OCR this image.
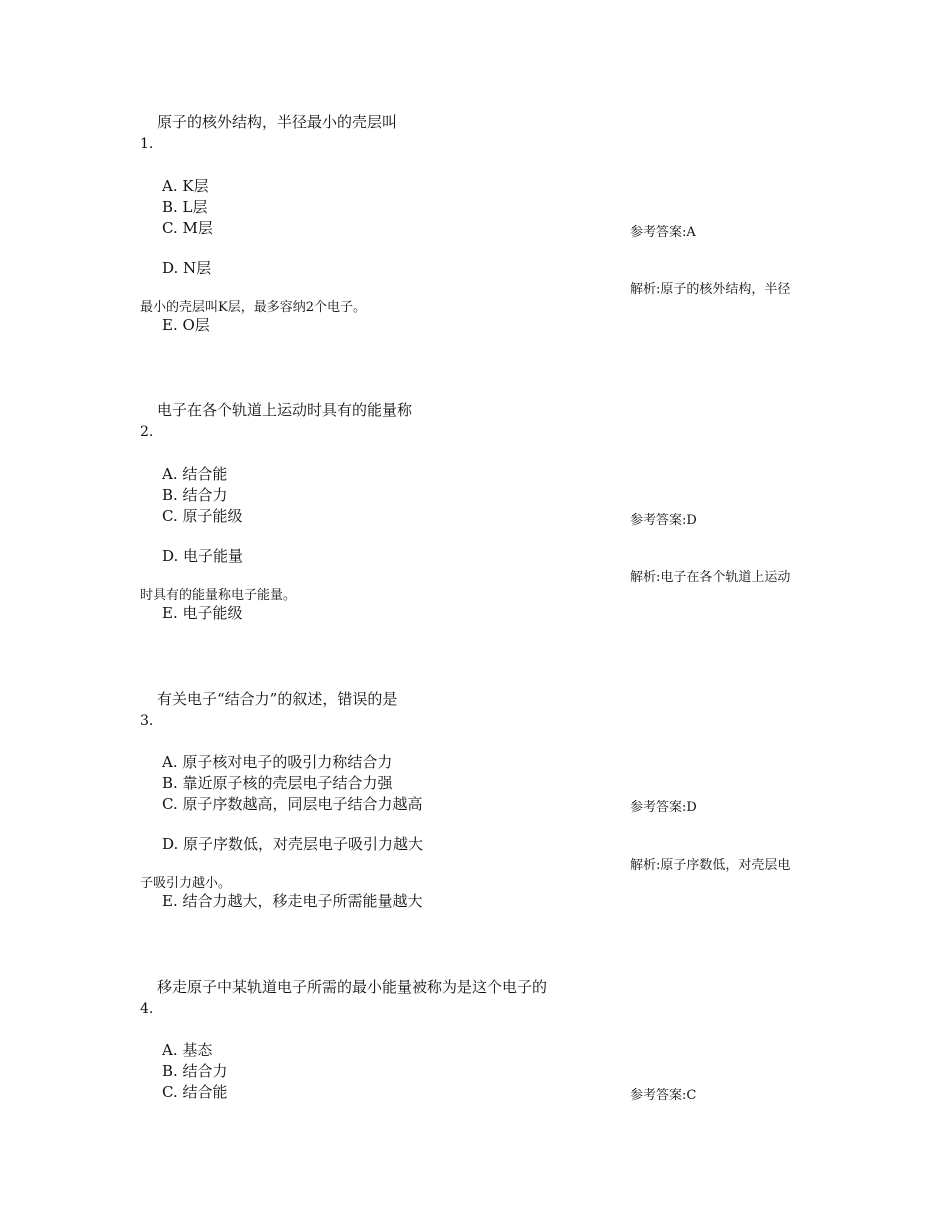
原子的核外结构，半径最小的壳层叫
1.
A. K层
B. L层
C. M层
D. N层
E. O层
参考答案:A
解析:原子的核外结构，半径
最小的壳层叫K层，最多容纳2个电子。
电子在各个轨道上运动时具有的能量称
2.
A. 结合能
B. 结合力
C. 原子能级
D. 电子能量
E. 电子能级
参考答案:D
解析:电子在各个轨道上运动
时具有的能量称电子能量。
有关电子“结合力”的叙述，错误的是
3.
A. 原子核对电子的吸引力称结合力
B. 靠近原子核的壳层电子结合力强
C. 原子序数越高，同层电子结合力越高
D. 原子序数低，对壳层电子吸引力越大
E. 结合力越大，移走电子所需能量越大
参考答案:D
解析:原子序数低，对壳层电
子吸引力越小。
移走原子中某轨道电子所需的最小能量被称为是这个电子的
4.
A. 基态
B. 结合力
C. 结合能	参考答案:C
